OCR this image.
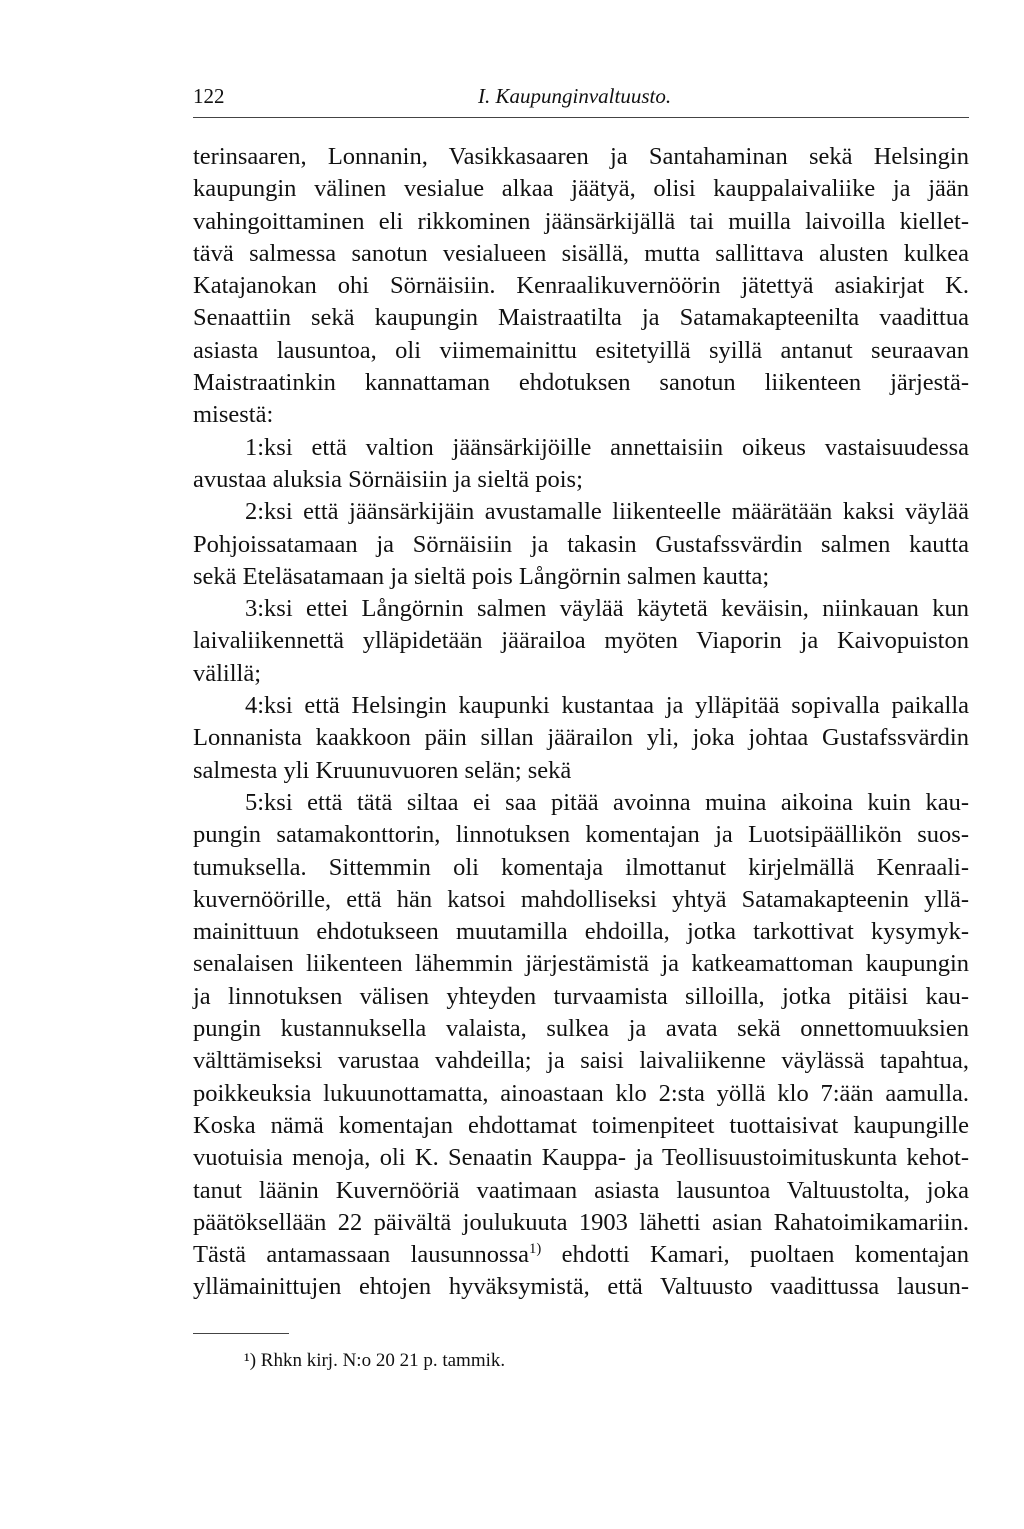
122	I. Kaupunginvaltuusto.
terinsaaren, Lonnanin, Vasikkasaaren ja Santahaminan sekä Helsingin
kaupungin välinen vesialue alkaa jäätyä, olisi kauppalaivaliike ja jään
vahingoittaminen eli rikkominen jäänsärkijällä tai muilla laivoilla kiellet-
tävä salmessa sanotun vesialueen sisällä, mutta sallittava alusten kulkea
Katajanokan ohi Sörnäisiin. Kenraalikuvernöörin jätettyä asiakirjat K.
Senaattiin sekä kaupungin Maistraatilta ja Satamakapteenilta vaadittua
asiasta lausuntoa, oli viimemainittu esitetyillä syillä antanut seuraavan
Maistraatinkin kannattaman ehdotuksen sanotun liikenteen järjestä-
misestä:
1:ksi että valtion jäänsärkijöille annettaisiin oikeus vastaisuudessa
avustaa aluksia Sörnäisiin ja sieltä pois;
2:ksi että jäänsärkijäin avustamalle liikenteelle määrätään kaksi väylää
Pohjoissatamaan ja Sörnäisiin ja takasin Gustafssvärdin salmen kautta
sekä Eteläsatamaan ja sieltä pois Långörnin salmen kautta;
3:ksi ettei Långörnin salmen väylää käytetä keväisin, niinkauan kun
laivaliikennettä ylläpidetään jäärailoa myöten Viaporin ja Kaivopuiston
välillä;
4:ksi että Helsingin kaupunki kustantaa ja ylläpitää sopivalla paikalla
Lonnanista kaakkoon päin sillan jäärailon yli, joka johtaa Gustafssvärdin
salmesta yli Kruunuvuoren selän; sekä
5:ksi että tätä siltaa ei saa pitää avoinna muina aikoina kuin kau-
pungin satamakonttorin, linnotuksen komentajan ja Luotsipäällikön suos-
tumuksella. Sittemmin oli komentaja ilmottanut kirjelmällä Kenraali-
kuvernöörille, että hän katsoi mahdolliseksi yhtyä Satamakapteenin yllä-
mainittuun ehdotukseen muutamilla ehdoilla, jotka tarkottivat kysymyk-
senalaisen liikenteen lähemmin järjestämistä ja katkeamattoman kaupungin
ja linnotuksen välisen yhteyden turvaamista silloilla, jotka pitäisi kau-
pungin kustannuksella valaista, sulkea ja avata sekä onnettomuuksien
välttämiseksi varustaa vahdeilla; ja saisi laivaliikenne väylässä tapahtua,
poikkeuksia lukuunottamatta, ainoastaan klo 2:sta yöllä klo 7:ään aamulla.
Koska nämä komentajan ehdottamat toimenpiteet tuottaisivat kaupungille
vuotuisia menoja, oli K. Senaatin Kauppa- ja Teollisuustoimituskunta kehot-
tanut läänin Kuvernööriä vaatimaan asiasta lausuntoa Valtuustolta, joka
päätöksellään 22 päivältä joulukuuta 1903 lähetti asian Rahatoimikamariin.
Tästä antamassaan lausunnossa$^{1)}$ ehdotti Kamari, puoltaen komentajan
yllämainittujen ehtojen hyväksymistä, että Valtuusto vaadittussa lausun-
¹) Rhkn kirj. N:o 20 21 p. tammik.
